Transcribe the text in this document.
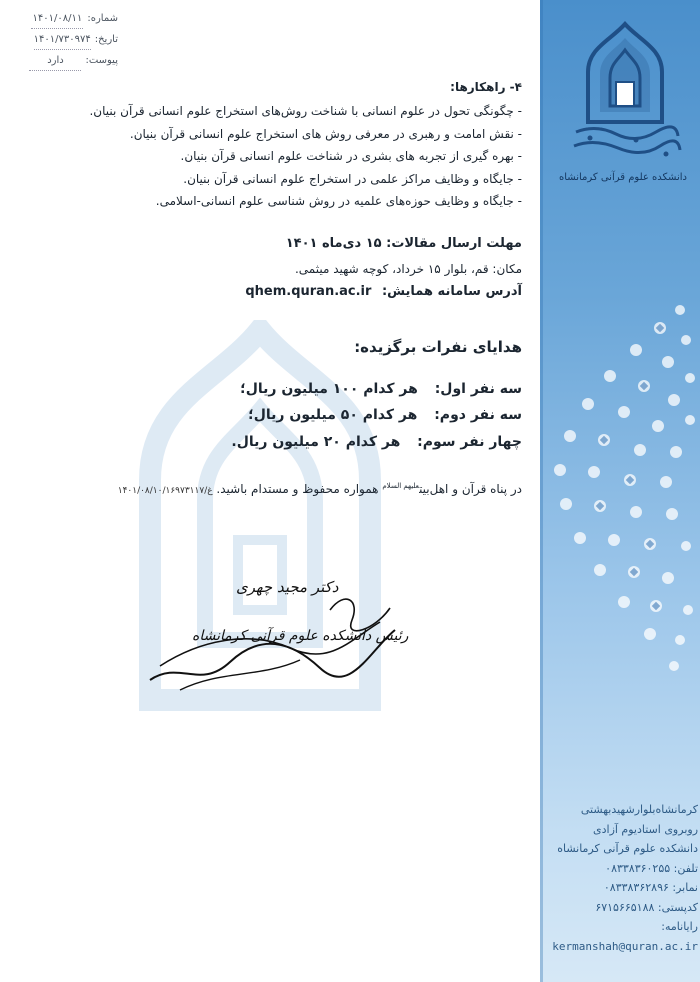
دانشکده علوم قرآنی کرمانشاه
کرمانشاه‌بلوار‌شهید‌بهشتی
روبروی استادیوم آزادی
دانشکده علوم قرآنی کرمانشاه
تلفن: ۰۸۳۳۸۳۶۰۲۵۵
نمابر: ۰۸۳۳۸۳۶۲۸۹۶
کدپستی: ۶۷۱۵۶۶۵۱۸۸
رایانامه:
kermanshah@quran.ac.ir
شماره:
۱۴۰۱/۰۸/۱۱
تاریخ:
۱۴۰۱/۷۳۰۹۷۴
پیوست:
دارد
۴- راهکارها:
- چگونگی تحول در علوم انسانی با شناخت روش‌های استخراج علوم انسانی قرآن بنیان.
- نقش امامت و رهبری در معرفی روش های استخراج علوم انسانی قرآن بنیان.
- بهره گیری از تجربه های بشری در شناخت علوم انسانی قرآن بنیان.
- جایگاه و وظایف مراکز علمی در استخراج علوم انسانی قرآن بنیان.
- جایگاه و وظایف حوزه‌های علمیه در روش شناسی علوم انسانی-اسلامی.
مهلت ارسال مقالات: ۱۵ دی‌ماه ۱۴۰۱
مکان: قم، بلوار ۱۵ خرداد، کوچه شهید میثمی.
آدرس سامانه همایش: qhem.quran.ac.ir
هدایای نفرات برگزیده:
سه نفر اول: هر کدام ۱۰۰ میلیون ریال؛
سه نفر دوم: هر کدام ۵۰ میلیون ریال؛
چهار نفر سوم: هر کدام ۲۰ میلیون ریال.
در پناه قرآن و اهل‌بیت$^{علیهم السلام}$ همواره محفوظ و مستدام باشید. غ/۱۴۰۱/۰۸/۱۰/۱۶۹۷۳۱۱۷
دکتر مجید چهری
رئیس دانشکده علوم قرآنی کرمانشاه
